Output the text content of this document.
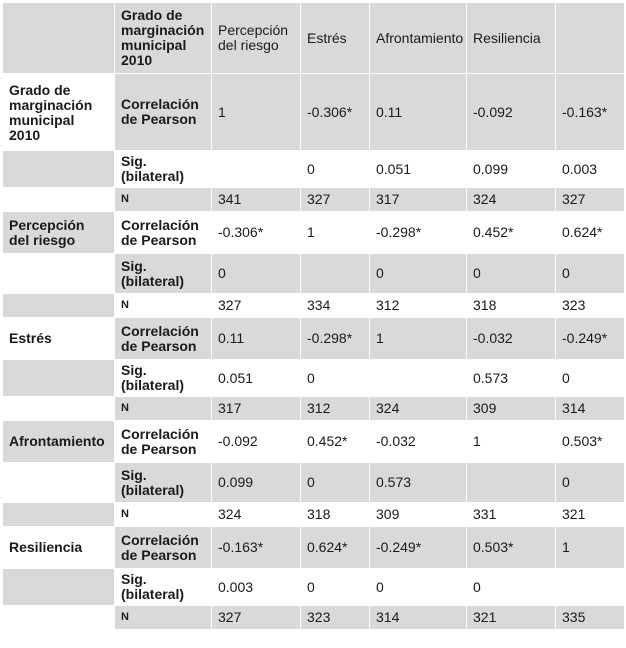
	Grado de marginación municipal 2010	Percepción del riesgo	Estrés	Afrontamiento	Resiliencia	
Grado de marginación municipal 2010	Correlación de Pearson	1	-0.306*	0.11	-0.092	-0.163*
	Sig. (bilateral)		0	0.051	0.099	0.003
	N	341	327	317	324	327
Percepción del riesgo	Correlación de Pearson	-0.306*	1	-0.298*	0.452*	0.624*
	Sig. (bilateral)	0		0	0	0
	N	327	334	312	318	323
Estrés	Correlación de Pearson	0.11	-0.298*	1	-0.032	-0.249*
	Sig. (bilateral)	0.051	0		0.573	0
	N	317	312	324	309	314
Afrontamiento	Correlación de Pearson	-0.092	0.452*	-0.032	1	0.503*
	Sig. (bilateral)	0.099	0	0.573		0
	N	324	318	309	331	321
Resiliencia	Correlación de Pearson	-0.163*	0.624*	-0.249*	0.503*	1
	Sig. (bilateral)	0.003	0	0	0	
	N	327	323	314	321	335
